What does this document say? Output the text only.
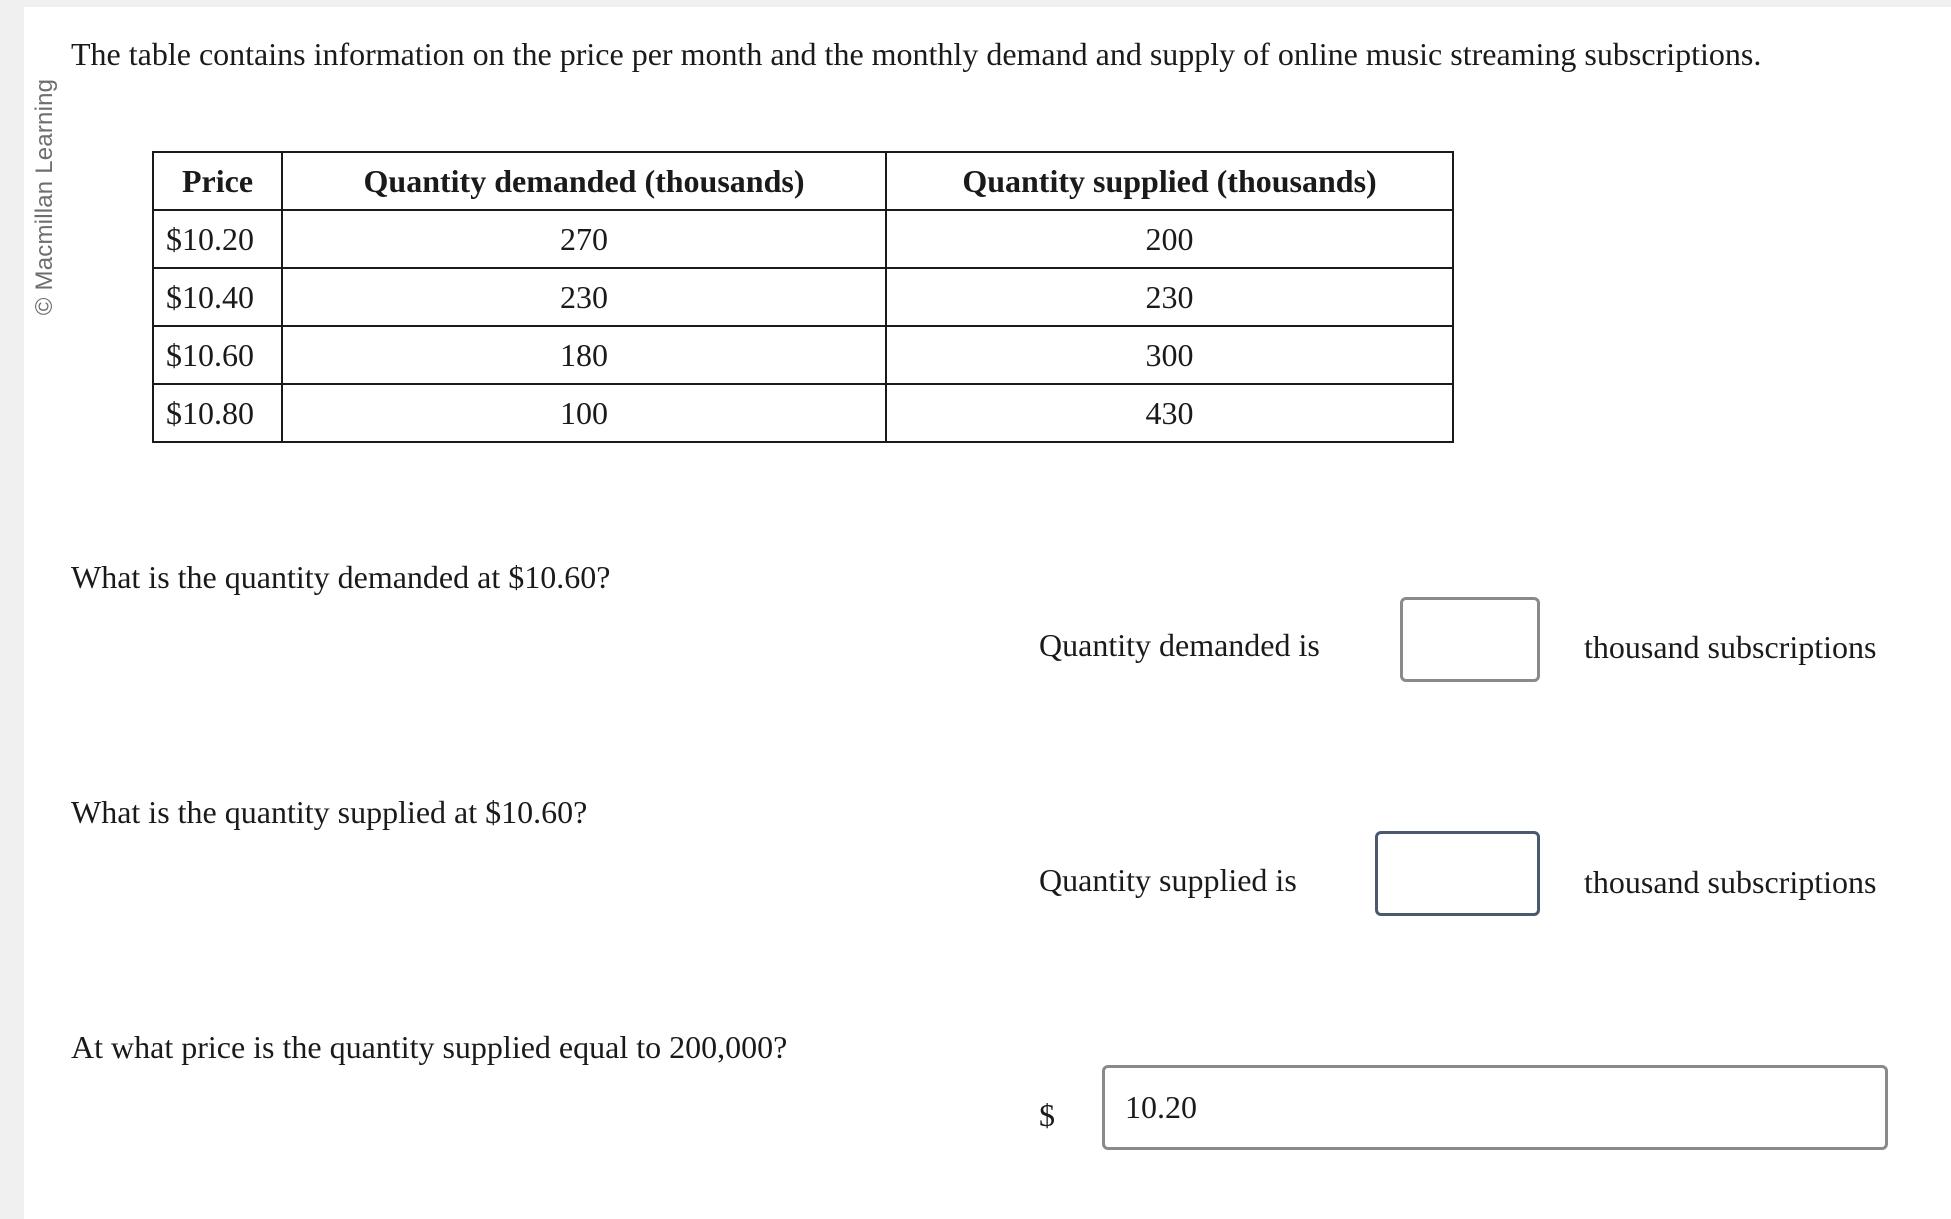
© Macmillan Learning

The table contains information on the price per month and the monthly demand and supply of online music streaming subscriptions.

Price	Quantity demanded (thousands)	Quantity supplied (thousands)
$10.20	270	200
$10.40	230	230
$10.60	180	300
$10.80	100	430

What is the quantity demanded at $10.60?

Quantity demanded is	thousand subscriptions

What is the quantity supplied at $10.60?

Quantity supplied is	thousand subscriptions

At what price is the quantity supplied equal to 200,000?

$
10.20
